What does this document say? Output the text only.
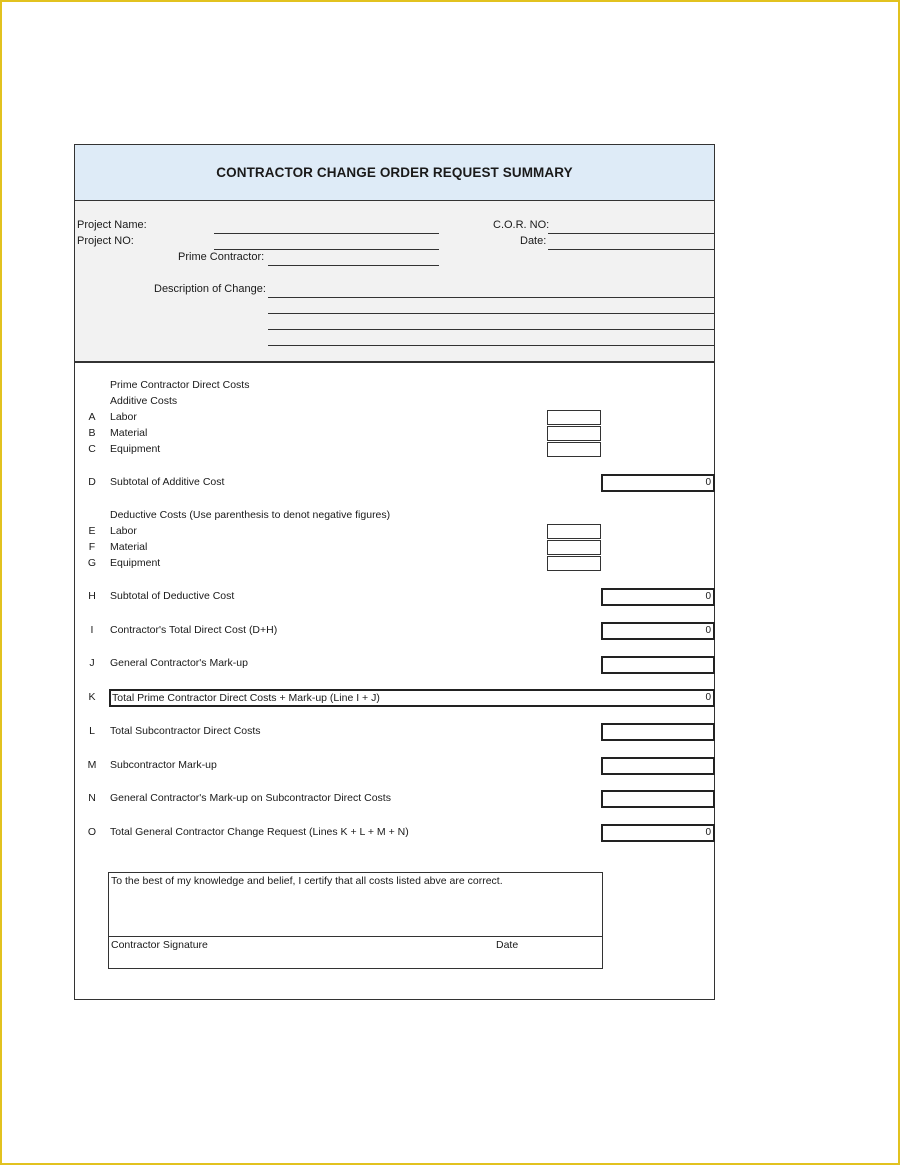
CONTRACTOR CHANGE ORDER REQUEST SUMMARY
Project Name:
Project NO:
C.O.R. NO:
Date:
Prime Contractor:
Description of Change:
Prime Contractor Direct Costs
Additive Costs
A	Labor
B	Material
C	Equipment
D	Subtotal of Additive Cost	0
Deductive Costs (Use parenthesis to denot negative figures)
E	Labor
F	Material
G Equipment
H	Subtotal of Deductive Cost	0
I	Contractor's Total Direct Cost (D+H)	0
J	General Contractor's Mark-up
K	Total Prime Contractor Direct Costs + Mark-up (Line I + J)	0
L	Total Subcontractor Direct Costs
M Subcontractor Mark-up
N	General Contractor's Mark-up on Subcontractor Direct Costs
O Total General Contractor Change Request (Lines K + L + M + N)	0
To the best of my knowledge and belief, I certify that all costs listed abve are correct.
Contractor Signature	Date
